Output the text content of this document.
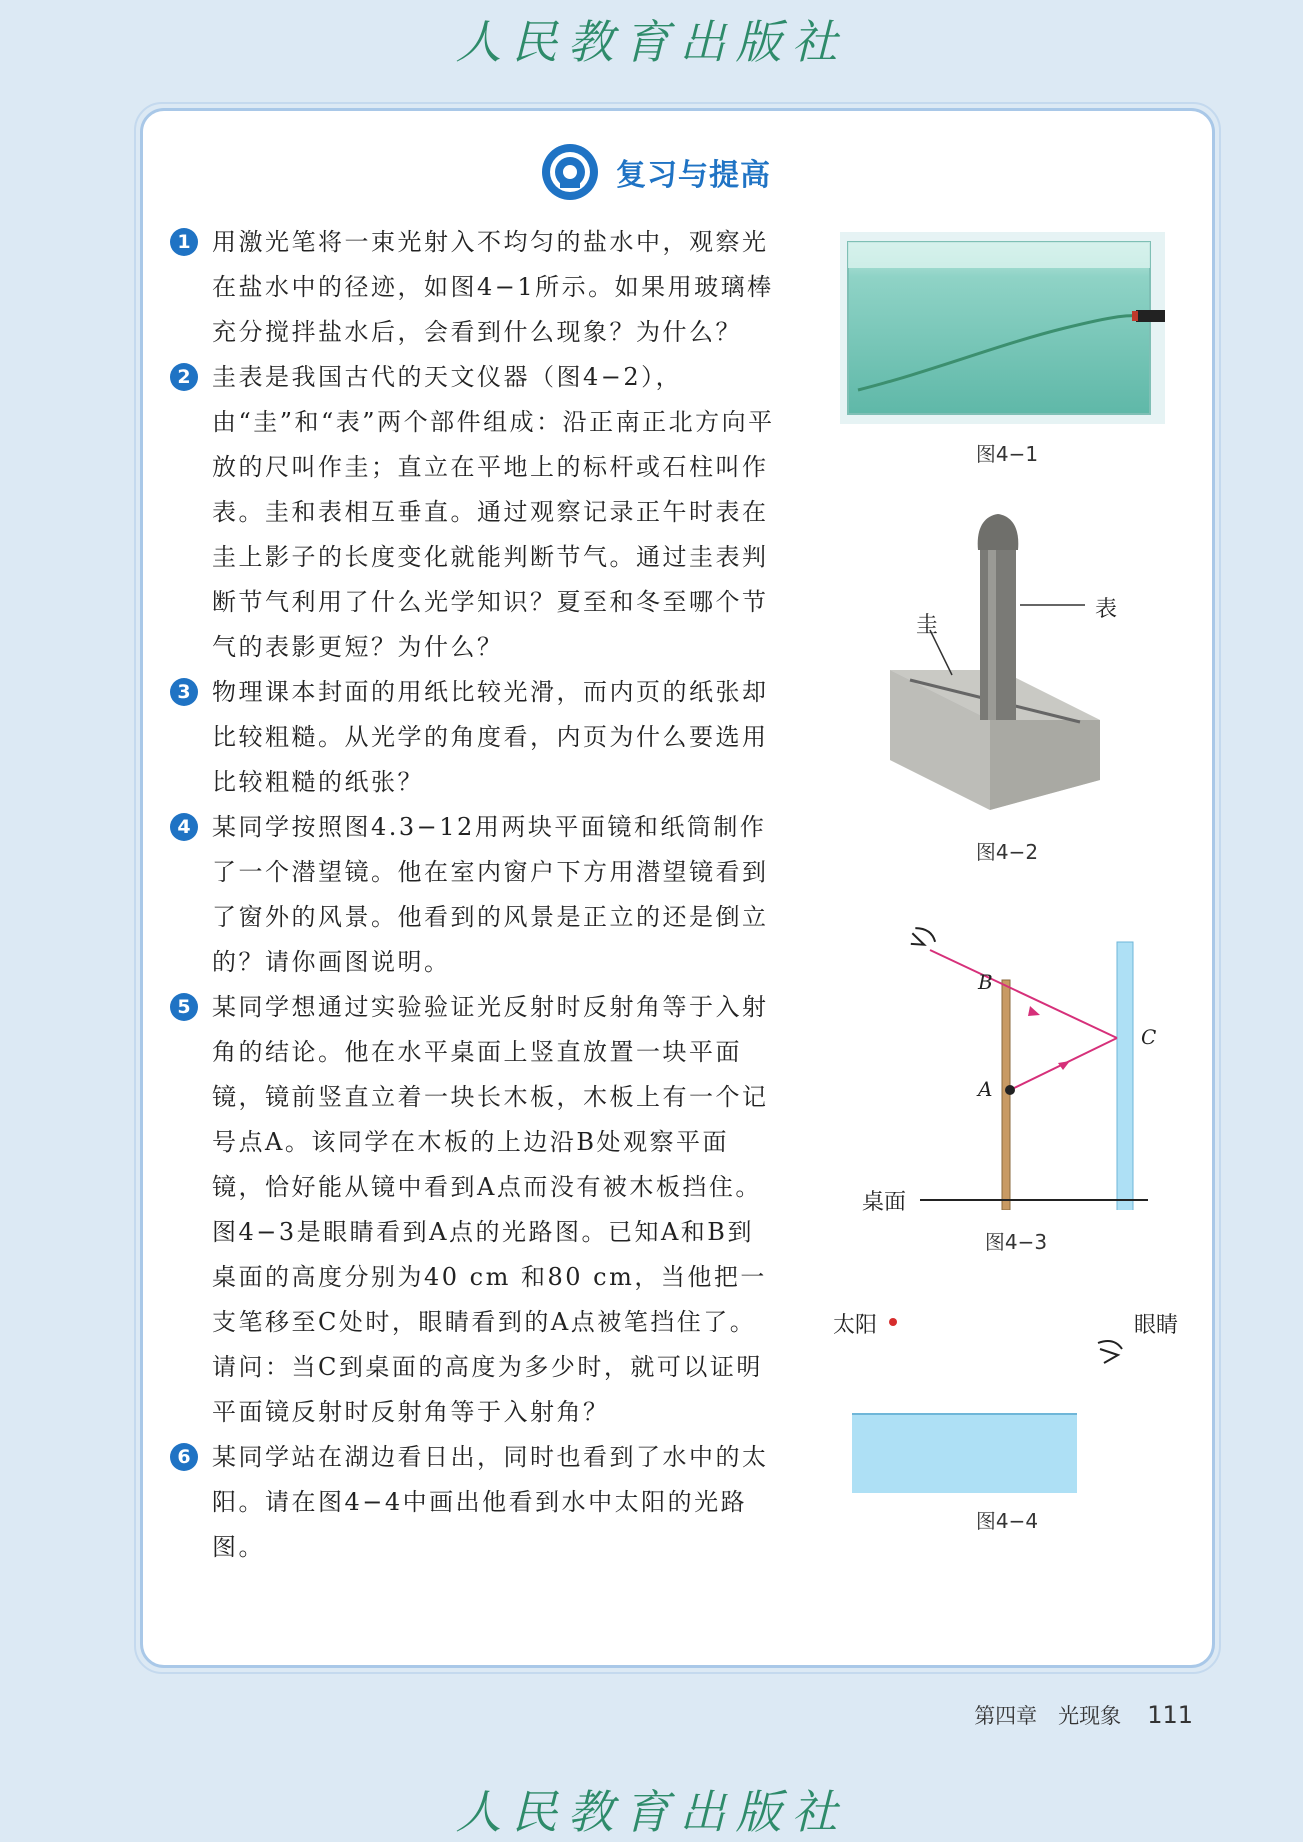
人民教育出版社
复习与提高
1 用激光笔将一束光射入不均匀的盐水中，观察光在盐水中的径迹，如图4−1所示。如果用玻璃棒充分搅拌盐水后，会看到什么现象？为什么？
2 圭表是我国古代的天文仪器（图4−2），由“圭”和“表”两个部件组成：沿正南正北方向平放的尺叫作圭；直立在平地上的标杆或石柱叫作表。圭和表相互垂直。通过观察记录正午时表在圭上影子的长度变化就能判断节气。通过圭表判断节气利用了什么光学知识？夏至和冬至哪个节气的表影更短？为什么？
3 物理课本封面的用纸比较光滑，而内页的纸张却比较粗糙。从光学的角度看，内页为什么要选用比较粗糙的纸张？
4 某同学按照图4.3−12用两块平面镜和纸筒制作了一个潜望镜。他在室内窗户下方用潜望镜看到了窗外的风景。他看到的风景是正立的还是倒立的？请你画图说明。
5 某同学想通过实验验证光反射时反射角等于入射角的结论。他在水平桌面上竖直放置一块平面镜，镜前竖直立着一块长木板，木板上有一个记号点A。该同学在木板的上边沿B处观察平面镜，恰好能从镜中看到A点而没有被木板挡住。图4−3是眼睛看到A点的光路图。已知A和B到桌面的高度分别为40 cm 和80 cm，当他把一支笔移至C处时，眼睛看到的A点被笔挡住了。请问：当C到桌面的高度为多少时，就可以证明平面镜反射时反射角等于入射角？
6 某同学站在湖边看日出，同时也看到了水中的太阳。请在图4−4中画出他看到水中太阳的光路图。
图4−1
圭
表
图4−2
B
A
C
桌面
图4−3
太阳	眼睛
图4−4
第四章　光现象 111
人民教育出版社
